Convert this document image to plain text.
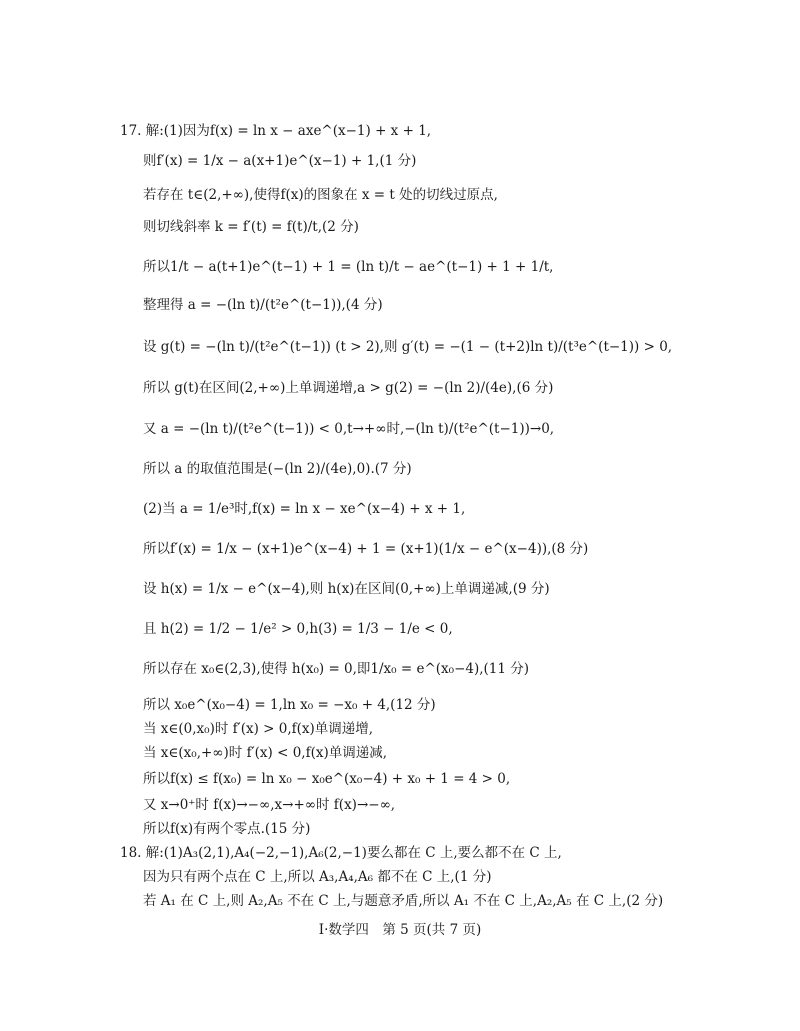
17. 解:(1)因为f(x) = ln x − axe^(x−1) + x + 1,
则f′(x) = 1/x − a(x+1)e^(x−1) + 1,(1 分)
若存在 t∈(2,+∞),使得f(x)的图象在 x = t 处的切线过原点,
则切线斜率 k = f′(t) = f(t)/t,(2 分)
所以1/t − a(t+1)e^(t−1) + 1 = (ln t)/t − ae^(t−1) + 1 + 1/t,
整理得 a = −(ln t)/(t²e^(t−1)),(4 分)
设 g(t) = −(ln t)/(t²e^(t−1)) (t > 2),则 g′(t) = −(1 − (t+2)ln t)/(t³e^(t−1)) > 0,
所以 g(t)在区间(2,+∞)上单调递增,a > g(2) = −(ln 2)/(4e),(6 分)
又 a = −(ln t)/(t²e^(t−1)) < 0,t→+∞时,−(ln t)/(t²e^(t−1))→0,
所以 a 的取值范围是(−(ln 2)/(4e),0).(7 分)
(2)当 a = 1/e³时,f(x) = ln x − xe^(x−4) + x + 1,
所以f′(x) = 1/x − (x+1)e^(x−4) + 1 = (x+1)(1/x − e^(x−4)),(8 分)
设 h(x) = 1/x − e^(x−4),则 h(x)在区间(0,+∞)上单调递减,(9 分)
且 h(2) = 1/2 − 1/e² > 0,h(3) = 1/3 − 1/e < 0,
所以存在 x₀∈(2,3),使得 h(x₀) = 0,即1/x₀ = e^(x₀−4),(11 分)
所以 x₀e^(x₀−4) = 1,ln x₀ = −x₀ + 4,(12 分)
当 x∈(0,x₀)时 f′(x) > 0,f(x)单调递增,
当 x∈(x₀,+∞)时 f′(x) < 0,f(x)单调递减,
所以f(x) ≤ f(x₀) = ln x₀ − x₀e^(x₀−4) + x₀ + 1 = 4 > 0,
又 x→0⁺时 f(x)→−∞,x→+∞时 f(x)→−∞,
所以f(x)有两个零点.(15 分)
18. 解:(1)A₃(2,1),A₄(−2,−1),A₆(2,−1)要么都在 C 上,要么都不在 C 上,
因为只有两个点在 C 上,所以 A₃,A₄,A₆ 都不在 C 上,(1 分)
若 A₁ 在 C 上,则 A₂,A₅ 不在 C 上,与题意矛盾,所以 A₁ 不在 C 上,A₂,A₅ 在 C 上,(2 分)
Ⅰ·数学四　第 5 页(共 7 页)
